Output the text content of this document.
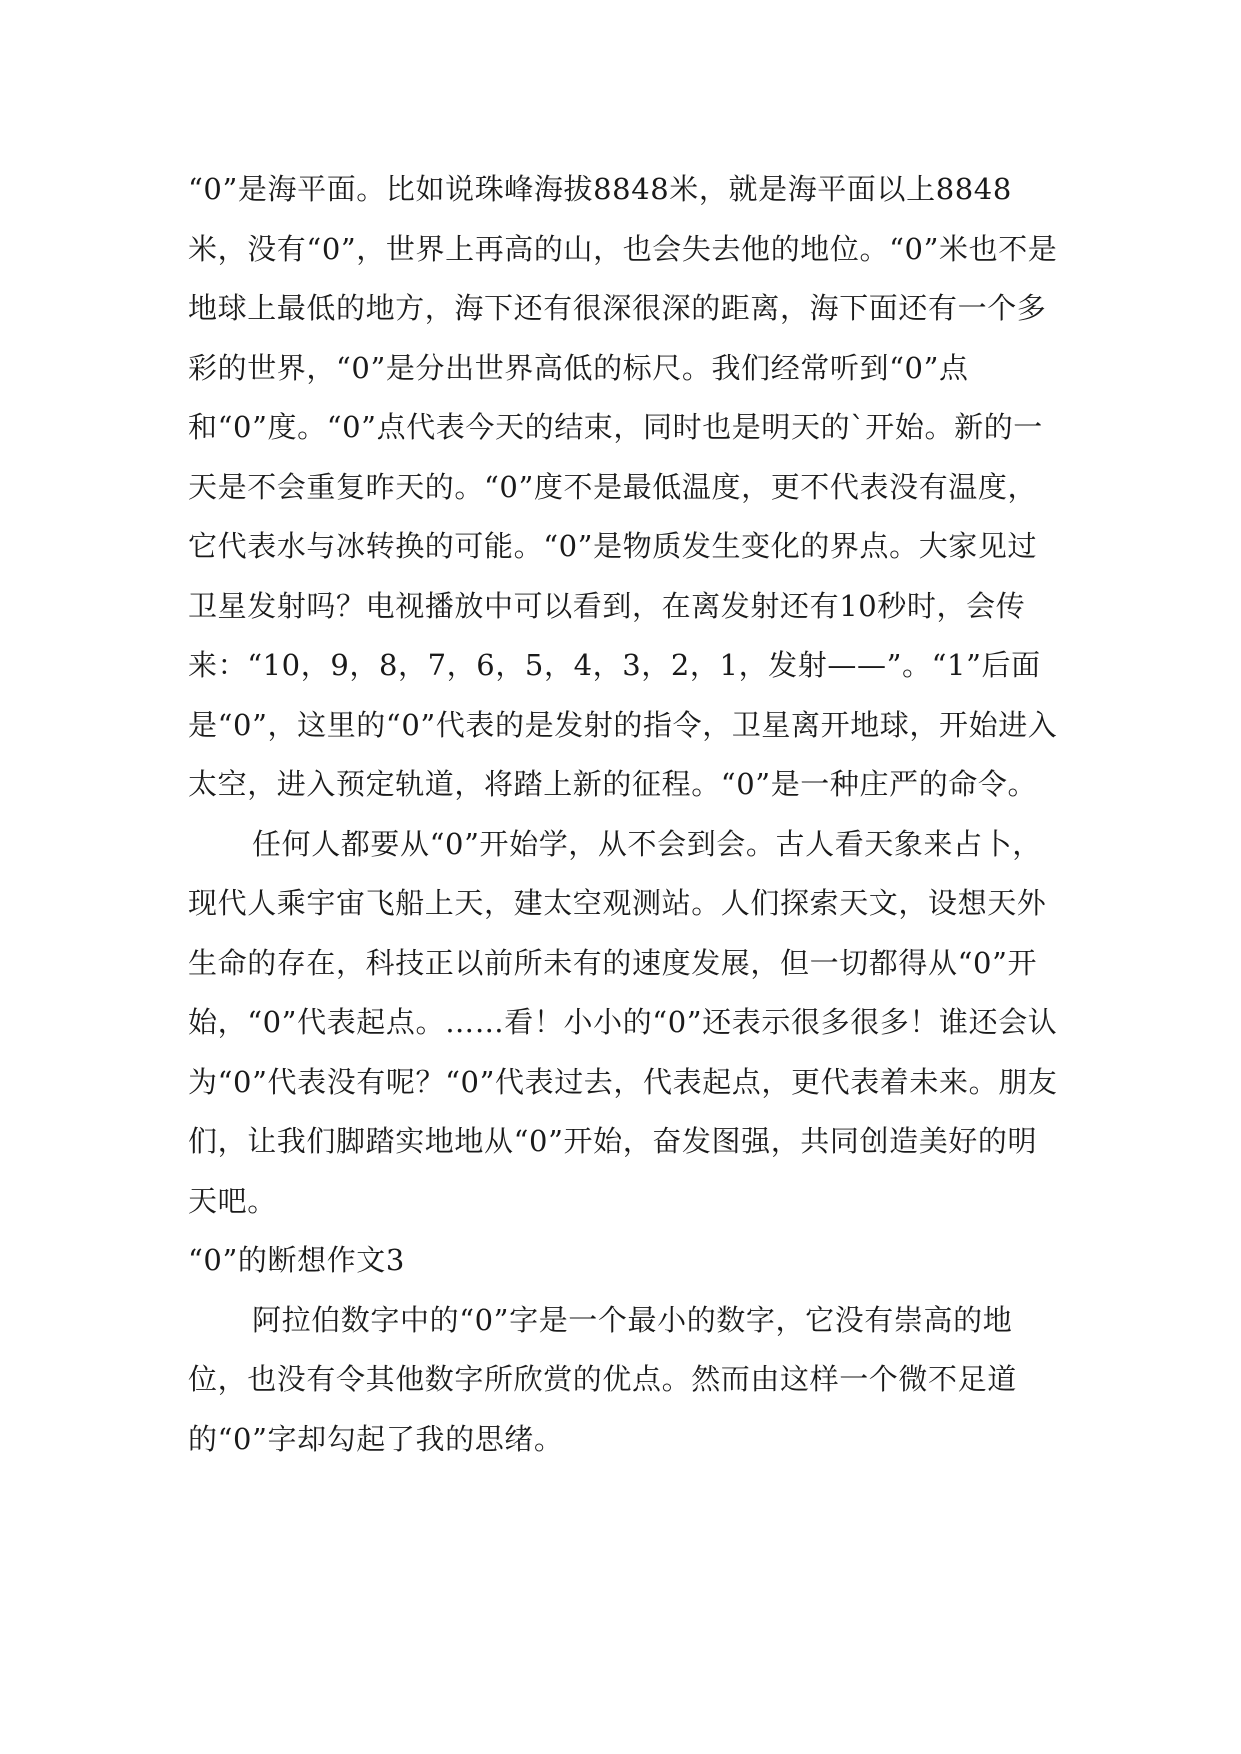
“0”是海平面。比如说珠峰海拔8848米，就是海平面以上8848米，没有“0”，世界上再高的山，也会失去他的地位。“0”米也不是地球上最低的地方，海下还有很深很深的距离，海下面还有一个多彩的世界，“0”是分出世界高低的标尺。我们经常听到“0”点和“0”度。“0”点代表今天的结束，同时也是明天的`开始。新的一天是不会重复昨天的。“0”度不是最低温度，更不代表没有温度，它代表水与冰转换的可能。“0”是物质发生变化的界点。大家见过卫星发射吗？电视播放中可以看到，在离发射还有10秒时，会传来：“10，9，8，7，6，5，4，3，2，1，发射——”。“1”后面是“0”，这里的“0”代表的是发射的指令，卫星离开地球，开始进入太空，进入预定轨道，将踏上新的征程。“0”是一种庄严的命令。

任何人都要从“0”开始学，从不会到会。古人看天象来占卜，现代人乘宇宙飞船上天，建太空观测站。人们探索天文，设想天外生命的存在，科技正以前所未有的速度发展，但一切都得从“0”开始，“0”代表起点。……看！小小的“0”还表示很多很多！谁还会认为“0”代表没有呢？“0”代表过去，代表起点，更代表着未来。朋友们，让我们脚踏实地地从“0”开始，奋发图强，共同创造美好的明天吧。

“0”的断想作文3

阿拉伯数字中的“0”字是一个最小的数字，它没有崇高的地位，也没有令其他数字所欣赏的优点。然而由这样一个微不足道的“0”字却勾起了我的思绪。
